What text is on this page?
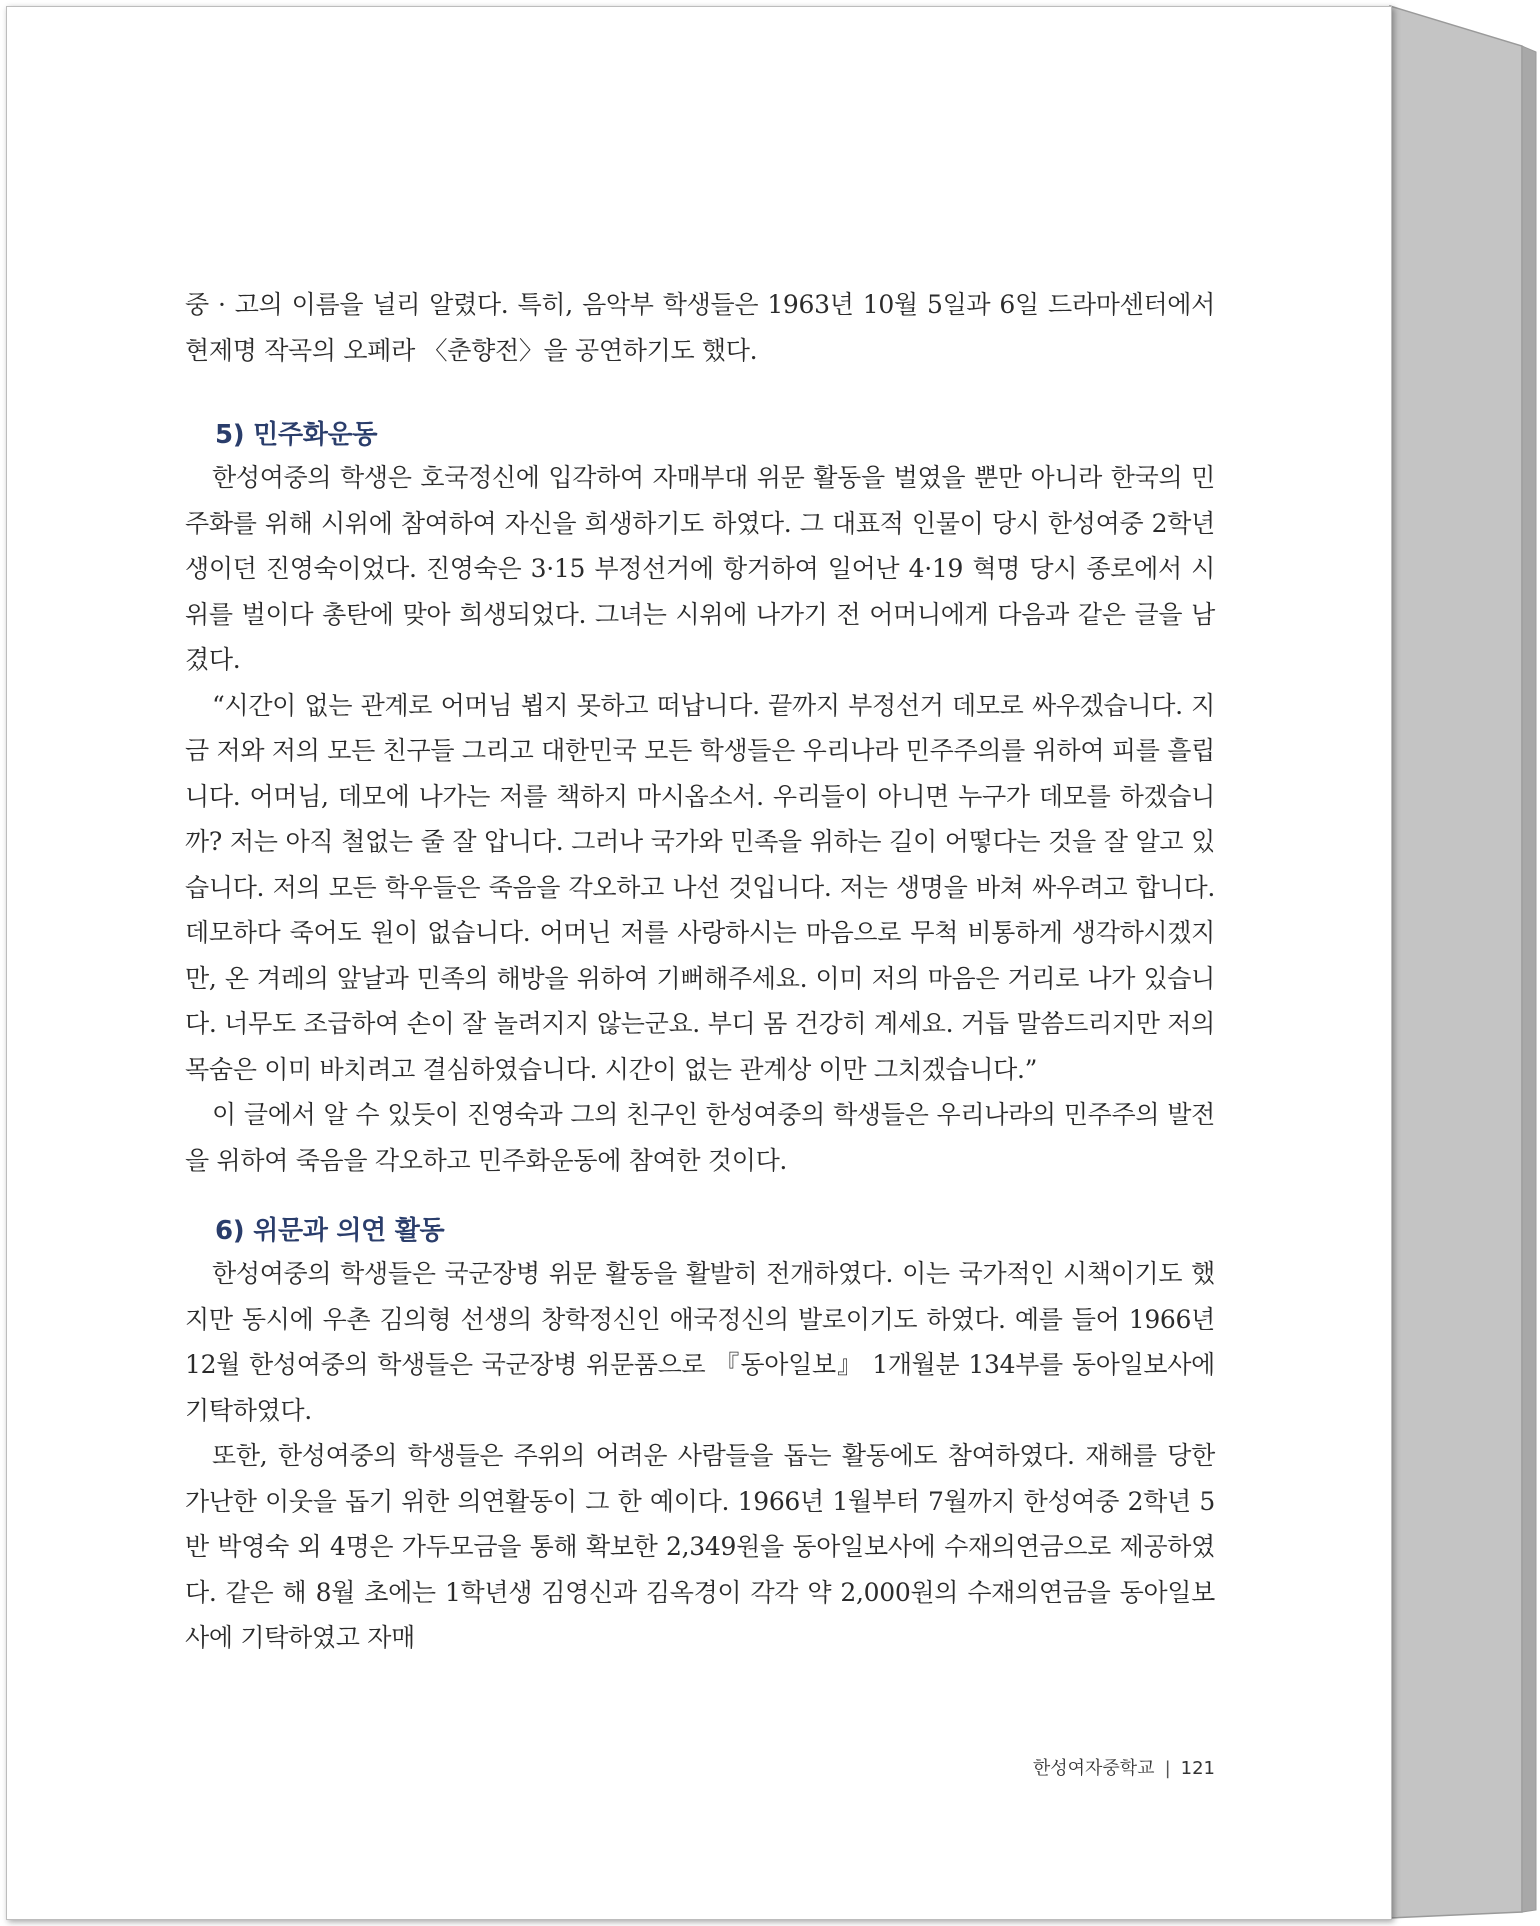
중 · 고의 이름을 널리 알렸다. 특히, 음악부 학생들은 1963년 10월 5일과 6일 드라마센터에서 현제명 작곡의 오페라 〈춘향전〉을 공연하기도 했다.

5) 민주화운동

한성여중의 학생은 호국정신에 입각하여 자매부대 위문 활동을 벌였을 뿐만 아니라 한국의 민주화를 위해 시위에 참여하여 자신을 희생하기도 하였다. 그 대표적 인물이 당시 한성여중 2학년생이던 진영숙이었다. 진영숙은 3·15 부정선거에 항거하여 일어난 4·19 혁명 당시 종로에서 시위를 벌이다 총탄에 맞아 희생되었다. 그녀는 시위에 나가기 전 어머니에게 다음과 같은 글을 남겼다.

“시간이 없는 관계로 어머님 뵙지 못하고 떠납니다. 끝까지 부정선거 데모로 싸우겠습니다. 지금 저와 저의 모든 친구들 그리고 대한민국 모든 학생들은 우리나라 민주주의를 위하여 피를 흘립니다. 어머님, 데모에 나가는 저를 책하지 마시옵소서. 우리들이 아니면 누구가 데모를 하겠습니까? 저는 아직 철없는 줄 잘 압니다. 그러나 국가와 민족을 위하는 길이 어떻다는 것을 잘 알고 있습니다. 저의 모든 학우들은 죽음을 각오하고 나선 것입니다. 저는 생명을 바쳐 싸우려고 합니다. 데모하다 죽어도 원이 없습니다. 어머닌 저를 사랑하시는 마음으로 무척 비통하게 생각하시겠지만, 온 겨레의 앞날과 민족의 해방을 위하여 기뻐해주세요. 이미 저의 마음은 거리로 나가 있습니다. 너무도 조급하여 손이 잘 놀려지지 않는군요. 부디 몸 건강히 계세요. 거듭 말씀드리지만 저의 목숨은 이미 바치려고 결심하였습니다. 시간이 없는 관계상 이만 그치겠습니다.”

이 글에서 알 수 있듯이 진영숙과 그의 친구인 한성여중의 학생들은 우리나라의 민주주의 발전을 위하여 죽음을 각오하고 민주화운동에 참여한 것이다.

6) 위문과 의연 활동

한성여중의 학생들은 국군장병 위문 활동을 활발히 전개하였다. 이는 국가적인 시책이기도 했지만 동시에 우촌 김의형 선생의 창학정신인 애국정신의 발로이기도 하였다. 예를 들어 1966년 12월 한성여중의 학생들은 국군장병 위문품으로 『동아일보』 1개월분 134부를 동아일보사에 기탁하였다.

또한, 한성여중의 학생들은 주위의 어려운 사람들을 돕는 활동에도 참여하였다. 재해를 당한 가난한 이웃을 돕기 위한 의연활동이 그 한 예이다. 1966년 1월부터 7월까지 한성여중 2학년 5반 박영숙 외 4명은 가두모금을 통해 확보한 2,349원을 동아일보사에 수재의연금으로 제공하였다. 같은 해 8월 초에는 1학년생 김영신과 김옥경이 각각 약 2,000원의 수재의연금을 동아일보사에 기탁하였고 자매

한성여자중학교 | 121
